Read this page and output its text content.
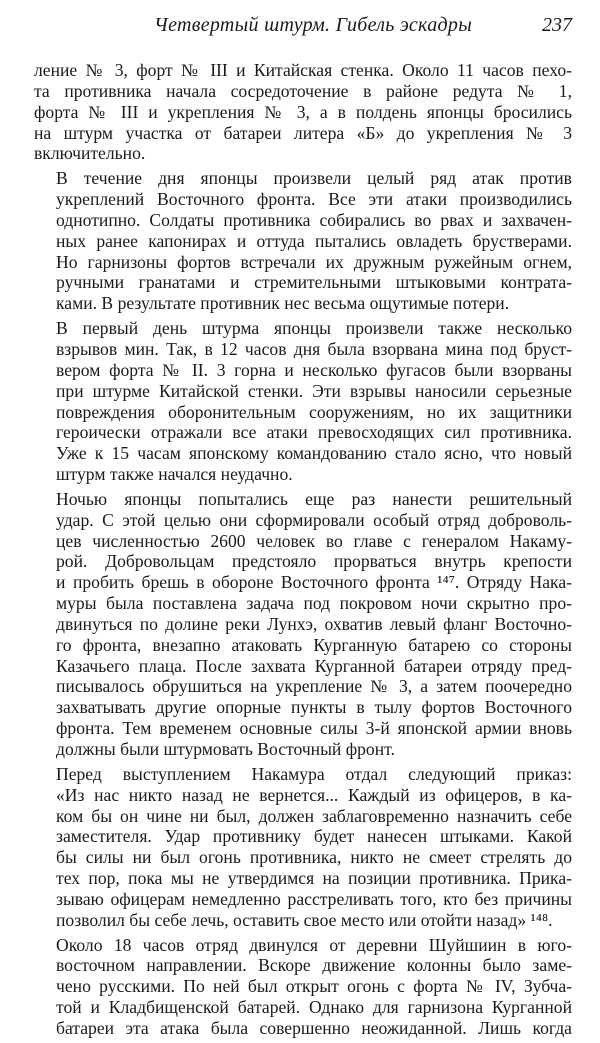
Четвертый штурм. Гибель эскадры	237
ление № 3, форт № III и Китайская стенка. Около 11 часов пехо-
та противника начала сосредоточение в районе редута № 1,
форта № III и укрепления № 3, а в полдень японцы бросились
на штурм участка от батареи литера «Б» до укрепления № 3
включительно.
В течение дня японцы произвели целый ряд атак против
укреплений Восточного фронта. Все эти атаки производились
однотипно. Солдаты противника собирались во рвах и захвачен-
ных ранее капонирах и оттуда пытались овладеть брустверами.
Но гарнизоны фортов встречали их дружным ружейным огнем,
ручными гранатами и стремительными штыковыми контрата-
ками. В результате противник нес весьма ощутимые потери.
В первый день штурма японцы произвели также несколько
взрывов мин. Так, в 12 часов дня была взорвана мина под бруст-
вером форта № II. 3 горна и несколько фугасов были взорваны
при штурме Китайской стенки. Эти взрывы наносили серьезные
повреждения оборонительным сооружениям, но их защитники
героически отражали все атаки превосходящих сил противника.
Уже к 15 часам японскому командованию стало ясно, что новый
штурм также начался неудачно.
Ночью японцы попытались еще раз нанести решительный
удар. С этой целью они сформировали особый отряд доброволь-
цев численностью 2600 человек во главе с генералом Накаму-
рой. Добровольцам предстояло прорваться внутрь крепости
и пробить брешь в обороне Восточного фронта ¹⁴⁷. Отряду Нака-
муры была поставлена задача под покровом ночи скрытно про-
двинуться по долине реки Лунхэ, охватив левый фланг Восточно-
го фронта, внезапно атаковать Курганную батарею со стороны
Казачьего плаца. После захвата Курганной батареи отряду пред-
писывалось обрушиться на укрепление № 3, а затем поочередно
захватывать другие опорные пункты в тылу фортов Восточного
фронта. Тем временем основные силы 3-й японской армии вновь
должны были штурмовать Восточный фронт.
Перед выступлением Накамура отдал следующий приказ:
«Из нас никто назад не вернется... Каждый из офицеров, в ка-
ком бы он чине ни был, должен заблаговременно назначить себе
заместителя. Удар противнику будет нанесен штыками. Какой
бы силы ни был огонь противника, никто не смеет стрелять до
тех пор, пока мы не утвердимся на позиции противника. Прика-
зываю офицерам немедленно расстреливать того, кто без причины
позволил бы себе лечь, оставить свое место или отойти назад» ¹⁴⁸.
Около 18 часов отряд двинулся от деревни Шуйшиин в юго-
восточном направлении. Вскоре движение колонны было заме-
чено русскими. По ней был открыт огонь с форта № IV, Зубча-
той и Кладбищенской батарей. Однако для гарнизона Курганной
батареи эта атака была совершенно неожиданной. Лишь когда
